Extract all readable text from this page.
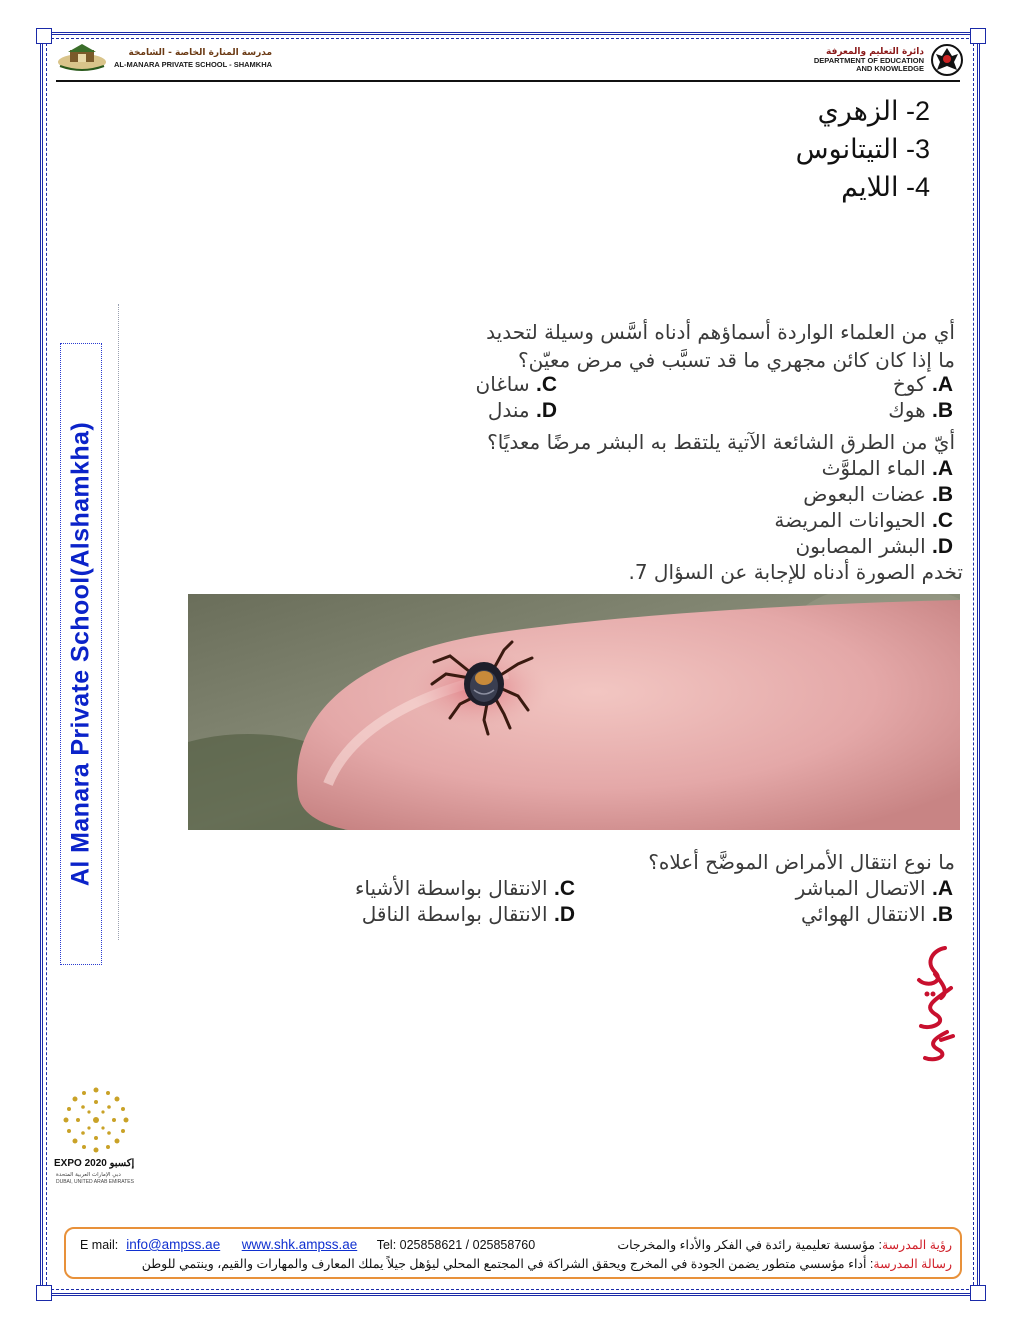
مدرسة المنارة الخاصة - الشامخة
AL-MANARA PRIVATE SCHOOL - SHAMKHA
دائرة التعليم والمعرفة
DEPARTMENT OF EDUCATION
AND KNOWLEDGE
2- الزهري
3- التيتانوس
4- اللايم
Al Manara Private School(Alshamkha)
أي من العلماء الواردة أسماؤهم أدناه أسَّس وسيلة لتحديد
ما إذا كان كائن مجهري ما قد تسبَّب في مرض معيّن؟
A. كوخ
C. ساغان
B. هوك
D. مندل
أيّ من الطرق الشائعة الآتية يلتقط به البشر مرضًا معديًا؟
A. الماء الملوَّث
B. عضات البعوض
C. الحيوانات المريضة
D. البشر المصابون
تخدم الصورة أدناه للإجابة عن السؤال 7.
ما نوع انتقال الأمراض الموضَّح أعلاه؟
A. الاتصال المباشر
C. الانتقال بواسطة الأشياء
B. الانتقال الهوائي
D. الانتقال بواسطة الناقل
EXPO 2020 إكسبو
دبي الإمارات العربية المتحدة
DUBAI, UNITED ARAB EMIRATES
E mail: info@ampss.ae www.shk.ampss.ae Tel: 025858621 / 025858760	رؤية المدرسة: مؤسسة تعليمية رائدة في الفكر والأداء والمخرجات
رسالة المدرسة: أداء مؤسسي متطور يضمن الجودة في المخرج ويحقق الشراكة في المجتمع المحلي ليؤهل جيلاً يملك المعارف والمهارات والقيم، وينتمي للوطن
